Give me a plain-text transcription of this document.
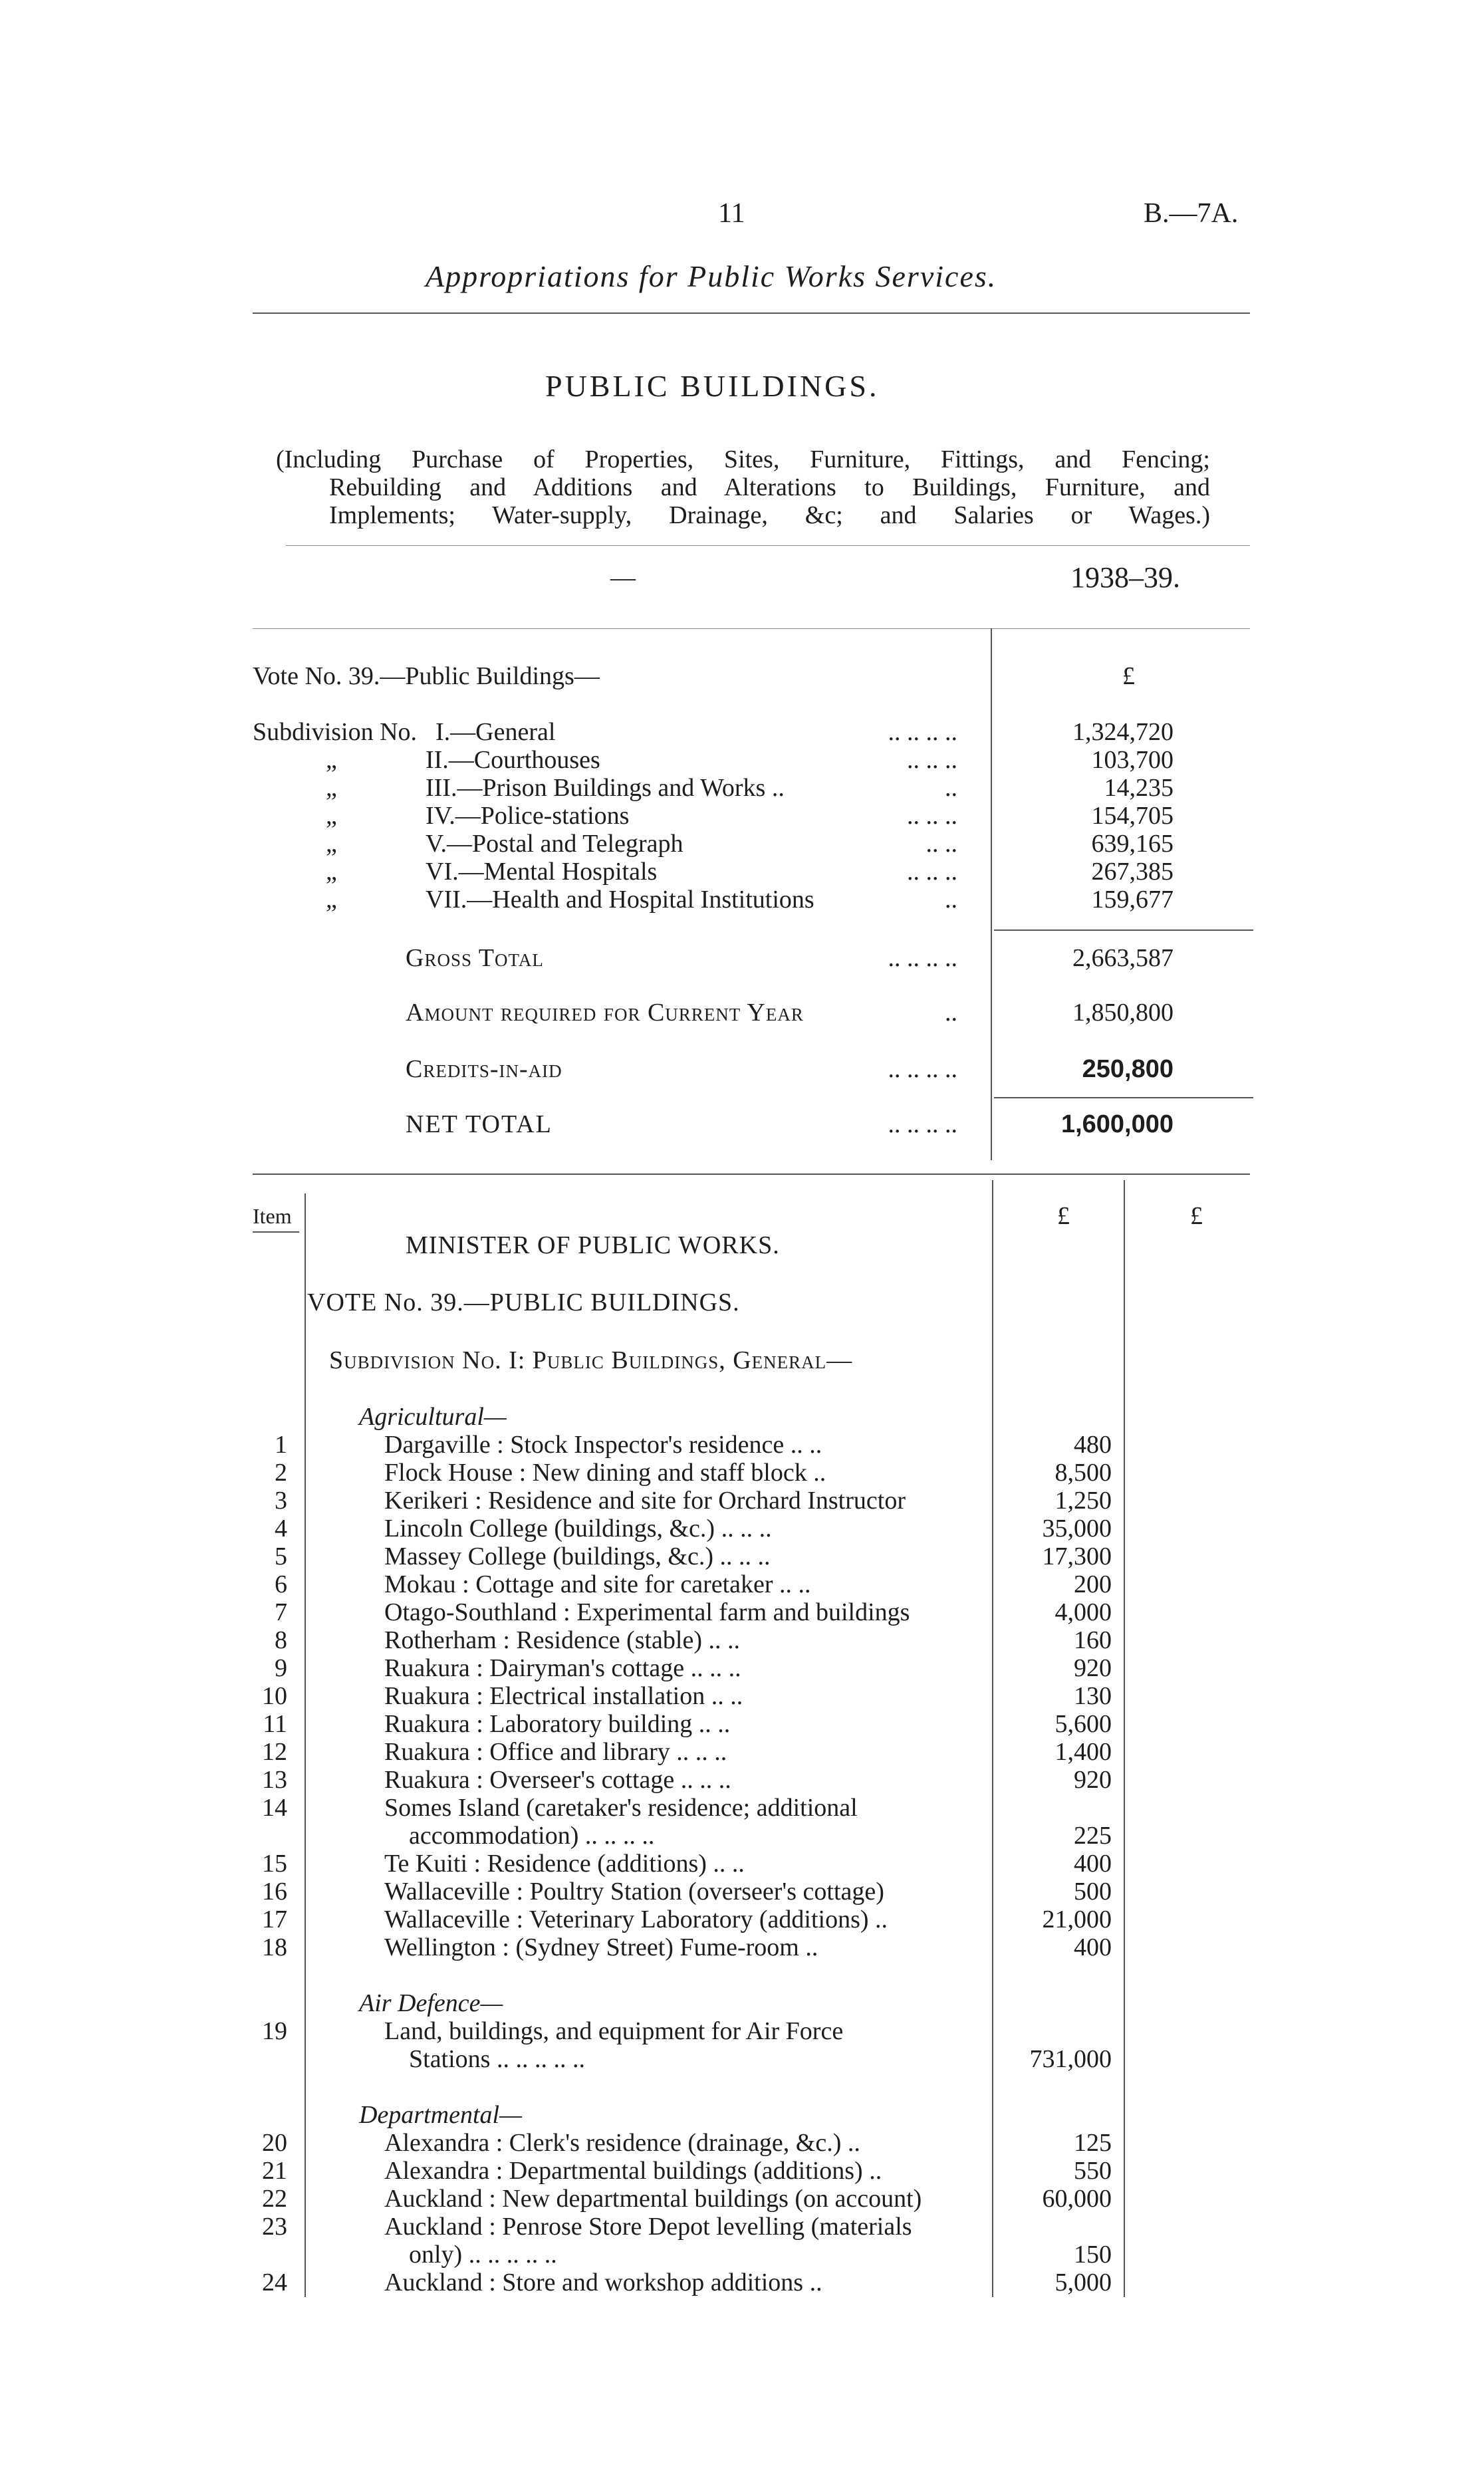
11	B.—7A.
Appropriations for Public Works Services.
PUBLIC BUILDINGS.
(Including Purchase of Properties, Sites, Furniture, Fittings, and Fencing;
Rebuilding and Additions and Alterations to Buildings, Furniture, and
Implements; Water-supply, Drainage, &c; and Salaries or Wages.)
—	1938–39.
Vote No. 39.—Public Buildings—	£
Subdivision No. I.—General	.. .. .. ..	1,324,720
„	II.—Courthouses	.. .. ..	103,700
„	III.—Prison Buildings and Works ..	..	14,235
„	IV.—Police-stations	.. .. ..	154,705
„	V.—Postal and Telegraph	.. ..	639,165
„	VI.—Mental Hospitals	.. .. ..	267,385
„	VII.—Health and Hospital Institutions	..	159,677
Gross Total	.. .. .. ..	2,663,587
Amount required for Current Year	..	1,850,800
Credits-in-aid	.. .. .. ..	250,800
NET TOTAL	.. .. .. ..	1,600,000
Item	£	£
MINISTER OF PUBLIC WORKS.
VOTE No. 39.—PUBLIC BUILDINGS.
Subdivision No. I: Public Buildings, General—
Agricultural—
1	Dargaville : Stock Inspector's residence .. ..	480
2	Flock House : New dining and staff block ..	8,500
3	Kerikeri : Residence and site for Orchard Instructor	1,250
4	Lincoln College (buildings, &c.) .. .. ..	35,000
5	Massey College (buildings, &c.) .. .. ..	17,300
6	Mokau : Cottage and site for caretaker .. ..	200
7	Otago-Southland : Experimental farm and buildings	4,000
8	Rotherham : Residence (stable) .. ..	160
9	Ruakura : Dairyman's cottage .. .. ..	920
10	Ruakura : Electrical installation .. ..	130
11	Ruakura : Laboratory building .. ..	5,600
12	Ruakura : Office and library .. .. ..	1,400
13	Ruakura : Overseer's cottage .. .. ..	920
14	Somes Island (caretaker's residence; additional
accommodation) .. .. .. ..	225
15	Te Kuiti : Residence (additions) .. ..	400
16	Wallaceville : Poultry Station (overseer's cottage)	500
17	Wallaceville : Veterinary Laboratory (additions) ..	21,000
18	Wellington : (Sydney Street) Fume-room ..	400
Air Defence—
19	Land, buildings, and equipment for Air Force
Stations .. .. .. .. ..	731,000
Departmental—
20	Alexandra : Clerk's residence (drainage, &c.) ..	125
21	Alexandra : Departmental buildings (additions) ..	550
22	Auckland : New departmental buildings (on account)	60,000
23	Auckland : Penrose Store Depot levelling (materials
only) .. .. .. .. ..	150
24	Auckland : Store and workshop additions ..	5,000
